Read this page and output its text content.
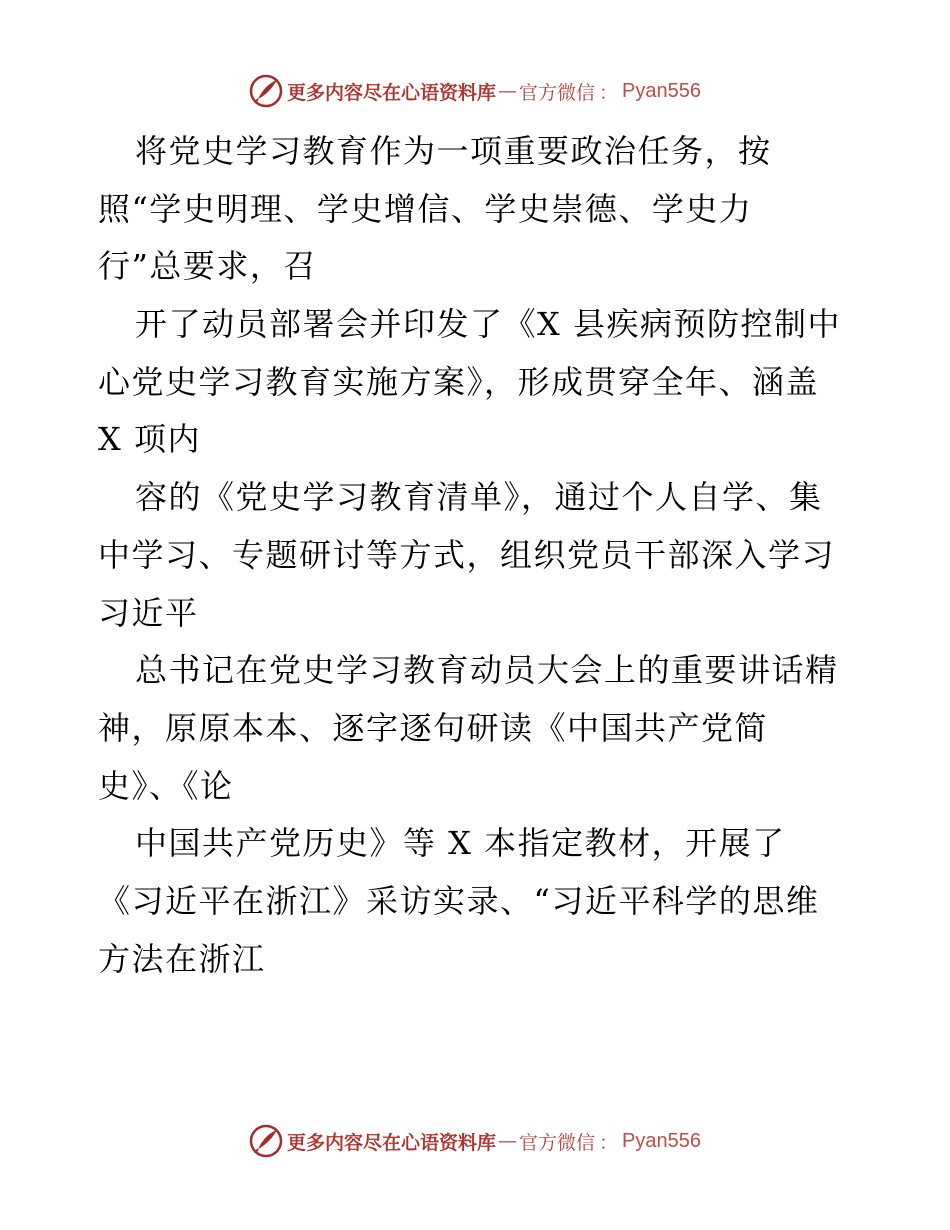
更多内容尽在心语资料库 — 官方微信 ： Pyan556
将党史学习教育作为一项重要政治任务，按
照“学史明理、学史增信、学史崇德、学史力
行”总要求，召
开了动员部署会并印发了《X 县疾病预防控制中
心党史学习教育实施方案》，形成贯穿全年、涵盖
X 项内
容的《党史学习教育清单》，通过个人自学、集
中学习、专题研讨等方式，组织党员干部深入学习
习近平
总书记在党史学习教育动员大会上的重要讲话精
神，原原本本、逐字逐句研读《中国共产党简
史》、《论
中国共产党历史》等 X 本指定教材，开展了
《习近平在浙江》采访实录、“习近平科学的思维
方法在浙江
更多内容尽在心语资料库 — 官方微信 ： Pyan556
